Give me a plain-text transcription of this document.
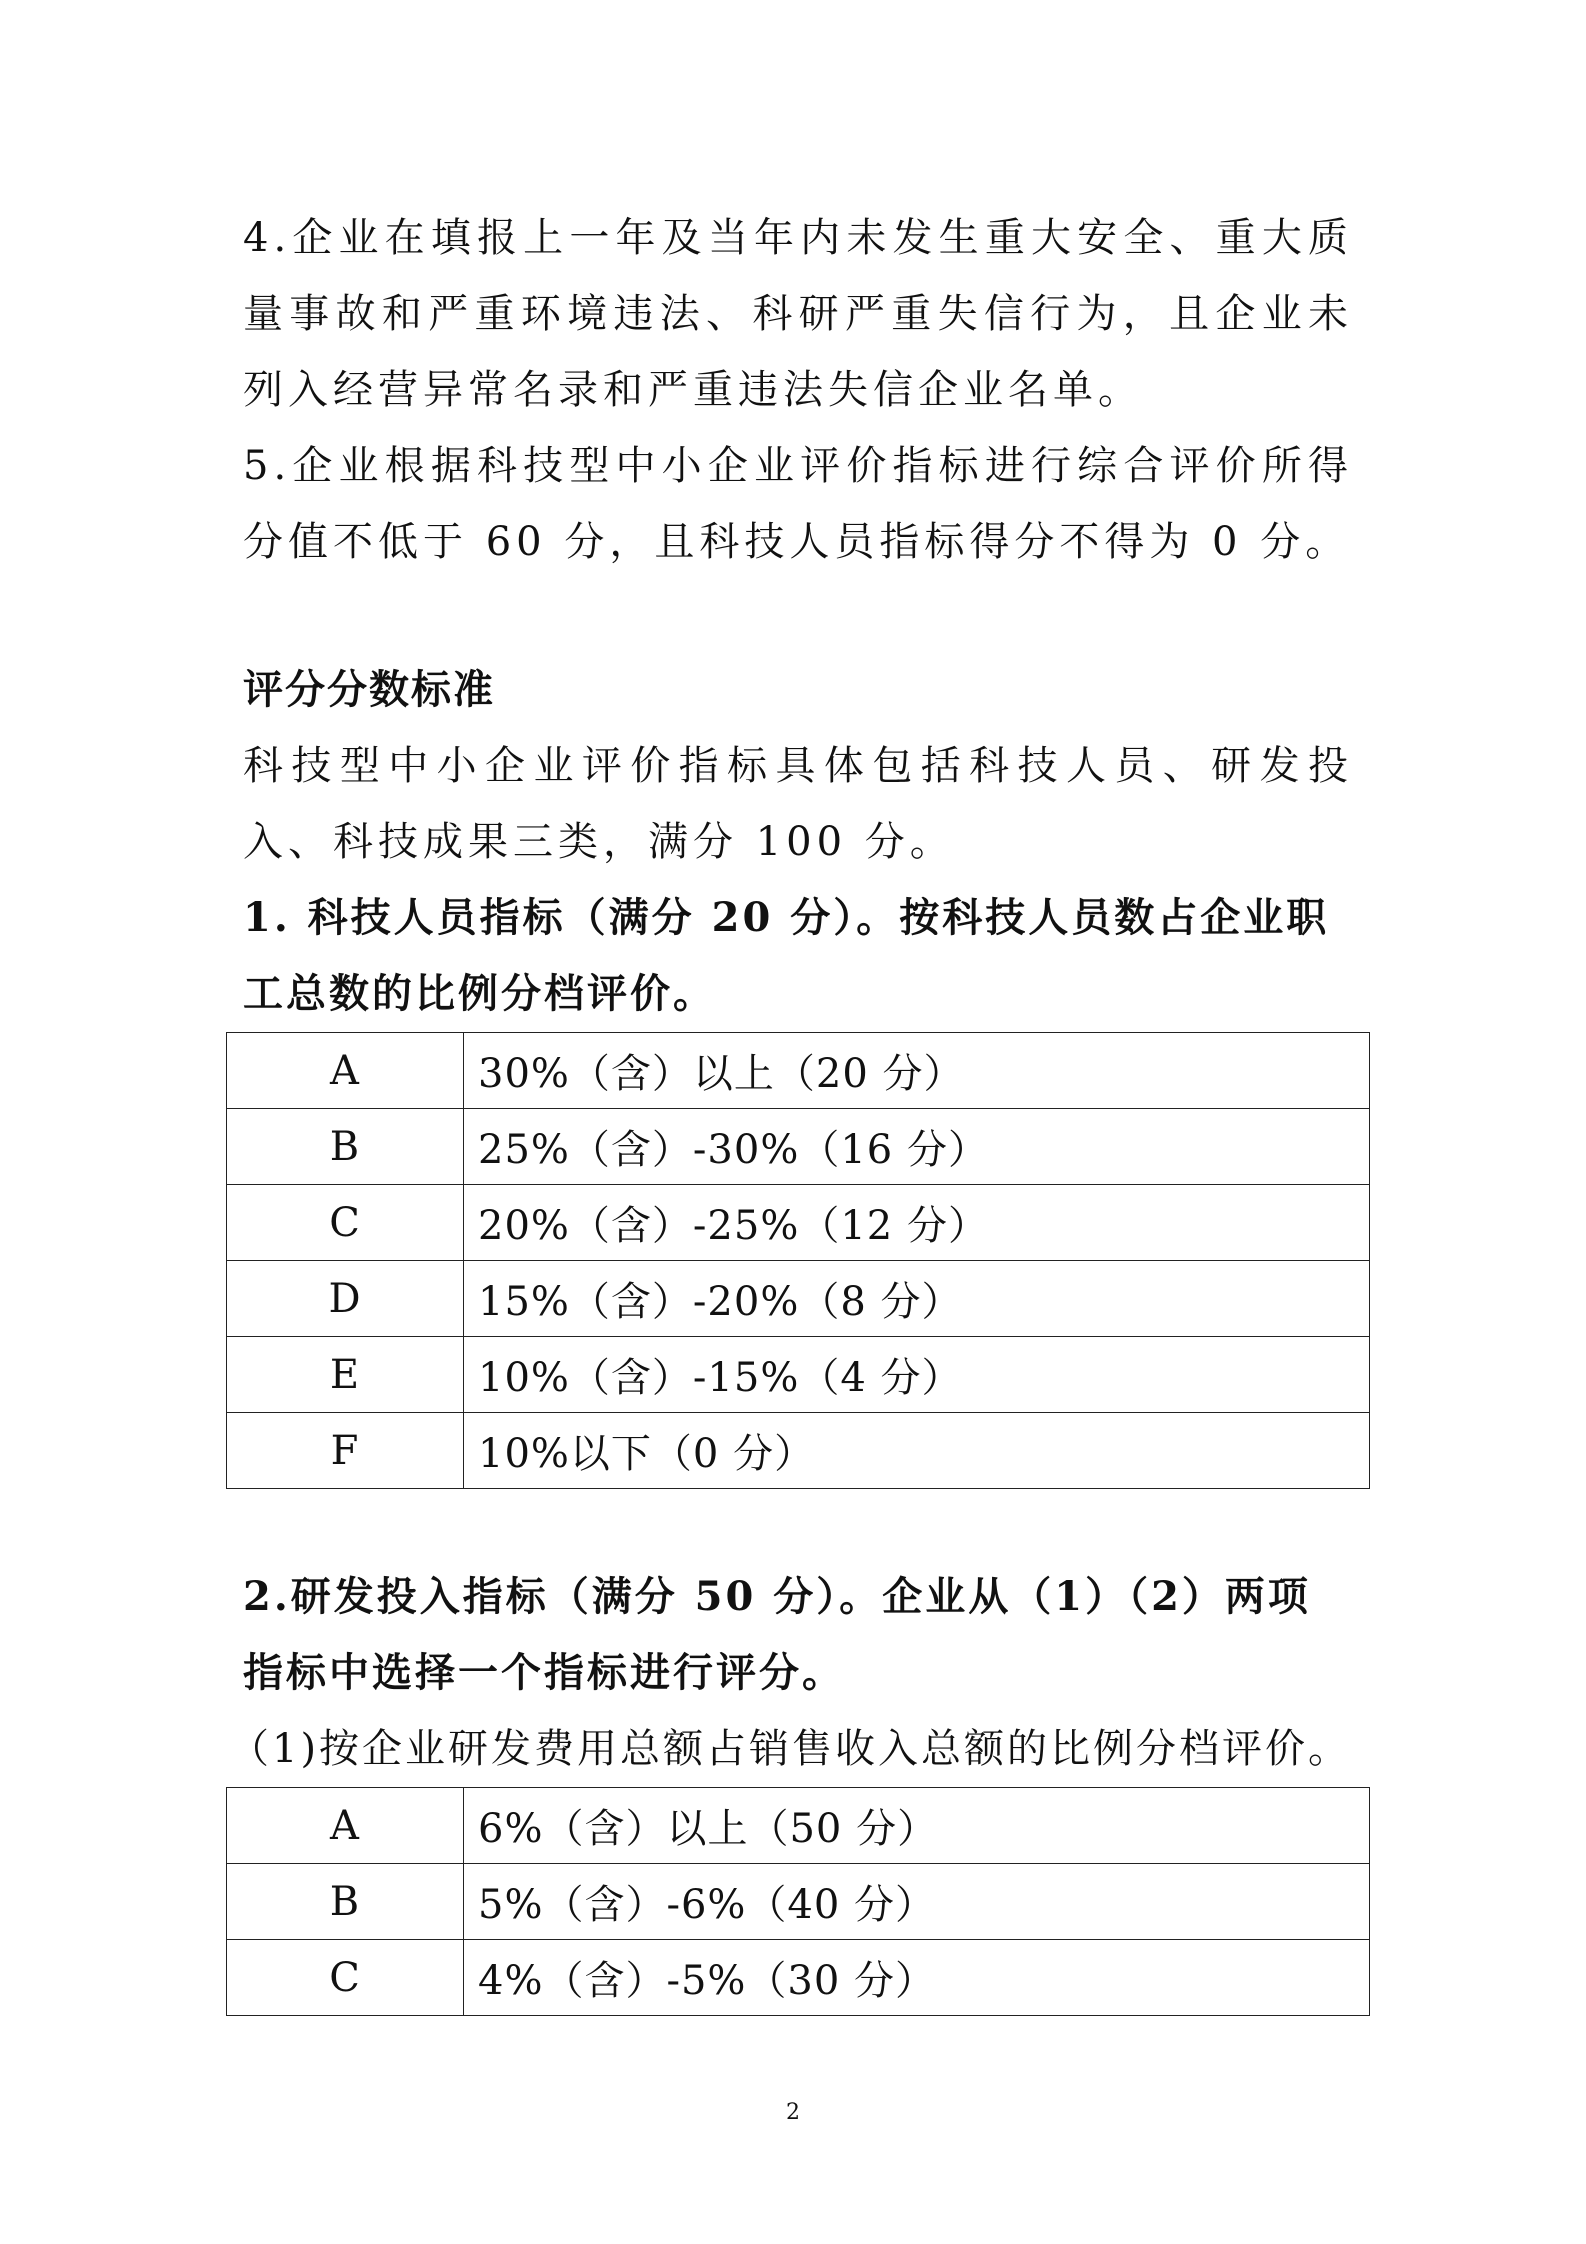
4.企业在填报上一年及当年内未发生重大安全、重大质量事故和严重环境违法、科研严重失信行为，且企业未列入经营异常名录和严重违法失信企业名单。

5.企业根据科技型中小企业评价指标进行综合评价所得分值不低于 60 分，且科技人员指标得分不得为 0 分。

评分分数标准

科技型中小企业评价指标具体包括科技人员、研发投入、科技成果三类，满分 100 分。

1. 科技人员指标（满分 20 分）。按科技人员数占企业职工总数的比例分档评价。

A	30%（含）以上（20 分）
B	25%（含）-30%（16 分）
C	20%（含）-25%（12 分）
D	15%（含）-20%（8 分）
E	10%（含）-15%（4 分）
F	10%以下（0 分）

2.研发投入指标（满分 50 分）。企业从（1）（2）两项指标中选择一个指标进行评分。

（1)按企业研发费用总额占销售收入总额的比例分档评价。

A	6%（含）以上（50 分）
B	5%（含）-6%（40 分）
C	4%（含）-5%（30 分）
2
